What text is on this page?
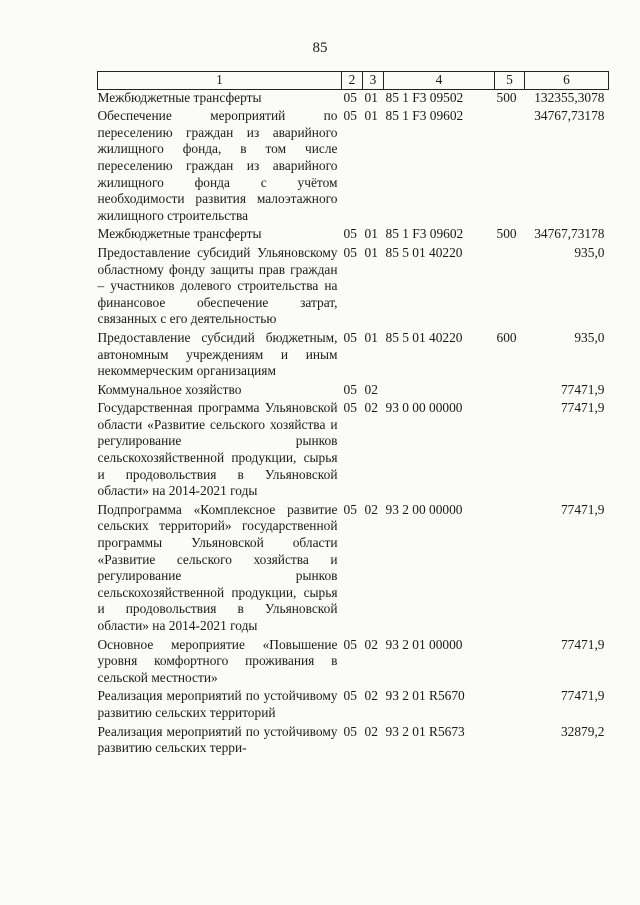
85
1	2	3	4	5	6
Межбюджетные трансферты	05	01	85 1 F3 09502	500	132355,3078
Обеспечение мероприятий по переселению граждан из аварийного жилищного фонда, в том числе переселению граждан из аварийного жилищного фонда с учётом необходимости развития малоэтажного жилищного строительства	05	01	85 1 F3 09602		34767,73178
Межбюджетные трансферты	05	01	85 1 F3 09602	500	34767,73178
Предоставление субсидий Ульяновскому областному фонду защиты прав граждан – участников долевого строительства на финансовое обеспечение затрат, связанных с его деятельностью	05	01	85 5 01 40220		935,0
Предоставление субсидий бюджетным, автономным учреждениям и иным некоммерческим организациям	05	01	85 5 01 40220	600	935,0
Коммунальное хозяйство	05	02			77471,9
Государственная программа Ульяновской области «Развитие сельского хозяйства и регулирование рынков сельскохозяйственной продукции, сырья и продовольствия в Ульяновской области» на 2014-2021 годы	05	02	93 0 00 00000		77471,9
Подпрограмма «Комплексное развитие сельских территорий» государственной программы Ульяновской области «Развитие сельского хозяйства и регулирование рынков сельскохозяйственной продукции, сырья и продовольствия в Ульяновской области» на 2014-2021 годы	05	02	93 2 00 00000		77471,9
Основное мероприятие «Повышение уровня комфортного проживания в сельской местности»	05	02	93 2 01 00000		77471,9
Реализация мероприятий по устойчивому развитию сельских территорий	05	02	93 2 01 R5670		77471,9
Реализация мероприятий по устойчивому развитию сельских терри-	05	02	93 2 01 R5673		32879,2
